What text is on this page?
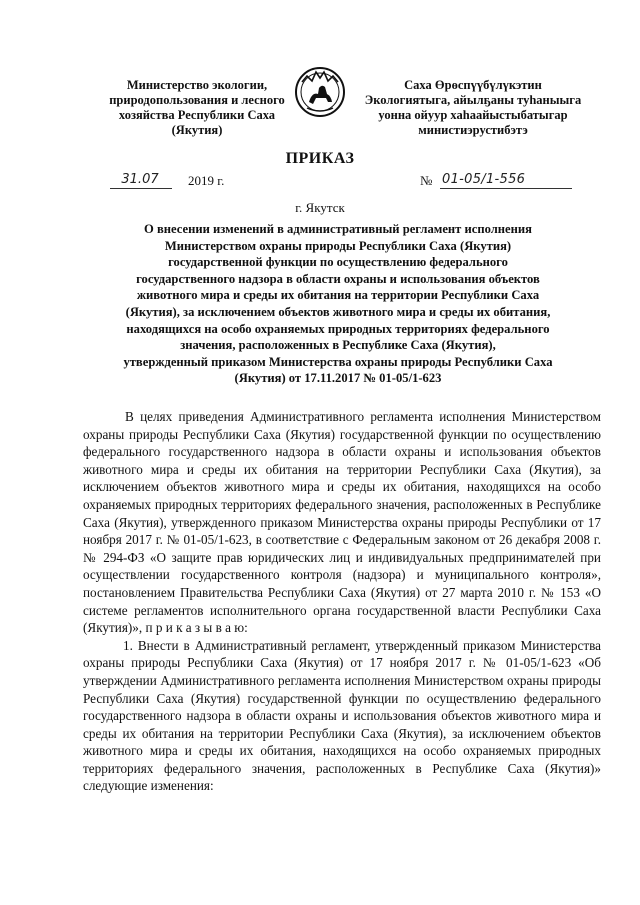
Министерство экологии,
природопользования и лесного
хозяйства Республики Саха
(Якутия)
Саха Өрөспүүбүлүкэтин
Экологиятыга, айылҕаны туһаныыга
уонна ойуур хаһаайыстыбатыгар
министиэрустибэтэ
ПРИКАЗ
31.07	2019 г.	№ 01-05/1-556
г. Якутск
О внесении изменений в административный регламент исполнения
Министерством охраны природы Республики Саха (Якутия)
государственной функции по осуществлению федерального
государственного надзора в области охраны и использования объектов
животного мира и среды их обитания на территории Республики Саха
(Якутия), за исключением объектов животного мира и среды их обитания,
находящихся на особо охраняемых природных территориях федерального
значения, расположенных в Республике Саха (Якутия),
утвержденный приказом Министерства охраны природы Республики Саха
(Якутия) от 17.11.2017 № 01-05/1-623

В целях приведения Административного регламента исполнения Министерством охраны природы Республики Саха (Якутия) государственной функции по осуществлению федерального государственного надзора в области охраны и использования объектов животного мира и среды их обитания на территории Республики Саха (Якутия), за исключением объектов животного мира и среды их обитания, находящихся на особо охраняемых природных территориях федерального значения, расположенных в Республике Саха (Якутия), утвержденного приказом Министерства охраны природы Республики от 17 ноября 2017 г. № 01-05/1-623, в соответствие с Федеральным законом от 26 декабря 2008 г. № 294-ФЗ «О защите прав юридических лиц и индивидуальных предпринимателей при осуществлении государственного контроля (надзора) и муниципального контроля», постановлением Правительства Республики Саха (Якутия) от 27 марта 2010 г. № 153 «О системе регламентов исполнительного органа государственной власти Республики Саха (Якутия)», п р и к а з ы в а ю:

1. Внести в Административный регламент, утвержденный приказом Министерства охраны природы Республики Саха (Якутия) от 17 ноября 2017 г. № 01-05/1-623 «Об утверждении Административного регламента исполнения Министерством охраны природы Республики Саха (Якутия) государственной функции по осуществлению федерального государственного надзора в области охраны и использования объектов животного мира и среды их обитания на территории Республики Саха (Якутия), за исключением объектов животного мира и среды их обитания, находящихся на особо охраняемых природных территориях федерального значения, расположенных в Республике Саха (Якутия)» следующие изменения:
